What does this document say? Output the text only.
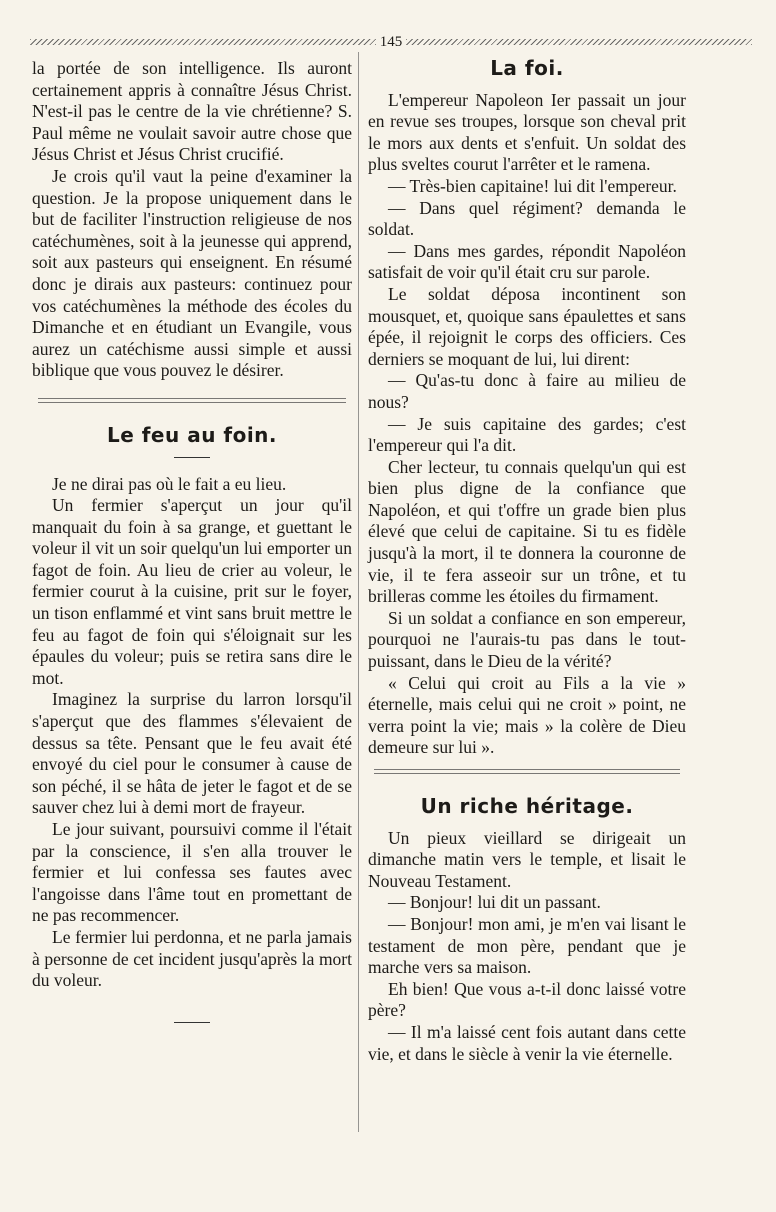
145

la portée de son intelligence. Ils auront certainement appris à connaître Jésus Christ. N'est-il pas le centre de la vie chrétienne? S. Paul même ne voulait savoir autre chose que Jésus Christ et Jésus Christ crucifié.

Je crois qu'il vaut la peine d'examiner la question. Je la propose uniquement dans le but de faciliter l'instruction religieuse de nos catéchumènes, soit à la jeunesse qui apprend, soit aux pasteurs qui enseignent. En résumé donc je dirais aux pasteurs: continuez pour vos catéchumènes la méthode des écoles du Dimanche et en étudiant un Evangile, vous aurez un catéchisme aussi simple et aussi biblique que vous pouvez le désirer.

Le feu au foin.

Je ne dirai pas où le fait a eu lieu.

Un fermier s'aperçut un jour qu'il manquait du foin à sa grange, et guettant le voleur il vit un soir quelqu'un lui emporter un fagot de foin. Au lieu de crier au voleur, le fermier courut à la cuisine, prit sur le foyer, un tison enflammé et vint sans bruit mettre le feu au fagot de foin qui s'éloignait sur les épaules du voleur; puis se retira sans dire le mot.

Imaginez la surprise du larron lorsqu'il s'aperçut que des flammes s'élevaient de dessus sa tête. Pensant que le feu avait été envoyé du ciel pour le consumer à cause de son péché, il se hâta de jeter le fagot et de se sauver chez lui à demi mort de frayeur.

Le jour suivant, poursuivi comme il l'était par la conscience, il s'en alla trouver le fermier et lui confessa ses fautes avec l'angoisse dans l'âme tout en promettant de ne pas recommencer.

Le fermier lui perdonna, et ne parla jamais à personne de cet incident jusqu'après la mort du voleur.

La foi.

L'empereur Napoleon Ier passait un jour en revue ses troupes, lorsque son cheval prit le mors aux dents et s'enfuit. Un soldat des plus sveltes courut l'arrêter et le ramena.

— Très-bien capitaine! lui dit l'empereur.

— Dans quel régiment? demanda le soldat.

— Dans mes gardes, répondit Napoléon satisfait de voir qu'il était cru sur parole.

Le soldat déposa incontinent son mousquet, et, quoique sans épaulettes et sans épée, il rejoignit le corps des officiers. Ces derniers se moquant de lui, lui dirent:

— Qu'as-tu donc à faire au milieu de nous?

— Je suis capitaine des gardes; c'est l'empereur qui l'a dit.

Cher lecteur, tu connais quelqu'un qui est bien plus digne de la confiance que Napoléon, et qui t'offre un grade bien plus élevé que celui de capitaine. Si tu es fidèle jusqu'à la mort, il te donnera la couronne de vie, il te fera asseoir sur un trône, et tu brilleras comme les étoiles du firmament.

Si un soldat a confiance en son empereur, pourquoi ne l'aurais-tu pas dans le tout-puissant, dans le Dieu de la vérité?

« Celui qui croit au Fils a la vie » éternelle, mais celui qui ne croit » point, ne verra point la vie; mais » la colère de Dieu demeure sur lui ».

Un riche héritage.

Un pieux vieillard se dirigeait un dimanche matin vers le temple, et lisait le Nouveau Testament.

— Bonjour! lui dit un passant.

— Bonjour! mon ami, je m'en vai lisant le testament de mon père, pendant que je marche vers sa maison.

Eh bien! Que vous a-t-il donc laissé votre père?

— Il m'a laissé cent fois autant dans cette vie, et dans le siècle à venir la vie éternelle.
